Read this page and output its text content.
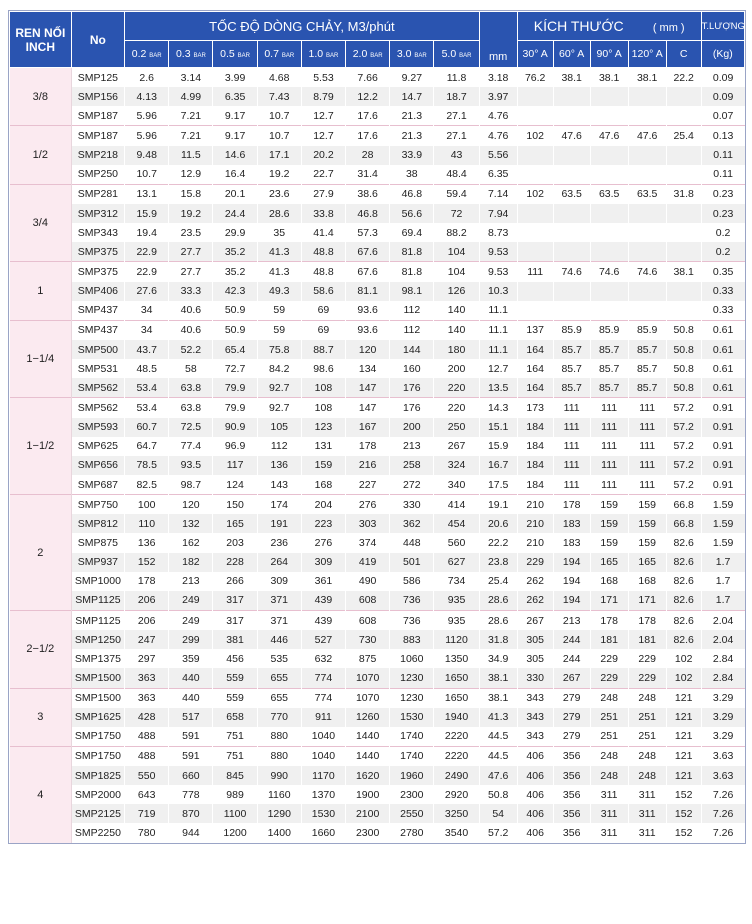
REN NỐI
INCH	No	TỐC ĐỘ DÒNG CHẢY, M3/phút								mm	KÍCH THƯỚC ( mm )					T.LƯỢNG
		0.2 BAR	0.3 BAR	0.5 BAR	0.7 BAR	1.0 BAR	2.0 BAR	3.0 BAR	5.0 BAR		30° A	60° A	90° A	120° A	C	(Kg)
3/8	SMP125	2.6	3.14	3.99	4.68	5.53	7.66	9.27	11.8	3.18	76.2	38.1	38.1	38.1	22.2	0.09
	SMP156	4.13	4.99	6.35	7.43	8.79	12.2	14.7	18.7	3.97						0.09
	SMP187	5.96	7.21	9.17	10.7	12.7	17.6	21.3	27.1	4.76						0.07
1/2	SMP187	5.96	7.21	9.17	10.7	12.7	17.6	21.3	27.1	4.76	102	47.6	47.6	47.6	25.4	0.13
	SMP218	9.48	11.5	14.6	17.1	20.2	28	33.9	43	5.56						0.11
	SMP250	10.7	12.9	16.4	19.2	22.7	31.4	38	48.4	6.35						0.11
3/4	SMP281	13.1	15.8	20.1	23.6	27.9	38.6	46.8	59.4	7.14	102	63.5	63.5	63.5	31.8	0.23
	SMP312	15.9	19.2	24.4	28.6	33.8	46.8	56.6	72	7.94						0.23
	SMP343	19.4	23.5	29.9	35	41.4	57.3	69.4	88.2	8.73						0.2
	SMP375	22.9	27.7	35.2	41.3	48.8	67.6	81.8	104	9.53						0.2
1	SMP375	22.9	27.7	35.2	41.3	48.8	67.6	81.8	104	9.53	111	74.6	74.6	74.6	38.1	0.35
	SMP406	27.6	33.3	42.3	49.3	58.6	81.1	98.1	126	10.3						0.33
	SMP437	34	40.6	50.9	59	69	93.6	112	140	11.1						0.33
1−1/4	SMP437	34	40.6	50.9	59	69	93.6	112	140	11.1	137	85.9	85.9	85.9	50.8	0.61
	SMP500	43.7	52.2	65.4	75.8	88.7	120	144	180	11.1	164	85.7	85.7	85.7	50.8	0.61
	SMP531	48.5	58	72.7	84.2	98.6	134	160	200	12.7	164	85.7	85.7	85.7	50.8	0.61
	SMP562	53.4	63.8	79.9	92.7	108	147	176	220	13.5	164	85.7	85.7	85.7	50.8	0.61
1−1/2	SMP562	53.4	63.8	79.9	92.7	108	147	176	220	14.3	173	111	111	111	57.2	0.91
	SMP593	60.7	72.5	90.9	105	123	167	200	250	15.1	184	111	111	111	57.2	0.91
	SMP625	64.7	77.4	96.9	112	131	178	213	267	15.9	184	111	111	111	57.2	0.91
	SMP656	78.5	93.5	117	136	159	216	258	324	16.7	184	111	111	111	57.2	0.91
	SMP687	82.5	98.7	124	143	168	227	272	340	17.5	184	111	111	111	57.2	0.91
2	SMP750	100	120	150	174	204	276	330	414	19.1	210	178	159	159	66.8	1.59
	SMP812	110	132	165	191	223	303	362	454	20.6	210	183	159	159	66.8	1.59
	SMP875	136	162	203	236	276	374	448	560	22.2	210	183	159	159	82.6	1.59
	SMP937	152	182	228	264	309	419	501	627	23.8	229	194	165	165	82.6	1.7
	SMP1000	178	213	266	309	361	490	586	734	25.4	262	194	168	168	82.6	1.7
	SMP1125	206	249	317	371	439	608	736	935	28.6	262	194	171	171	82.6	1.7
2−1/2	SMP1125	206	249	317	371	439	608	736	935	28.6	267	213	178	178	82.6	2.04
	SMP1250	247	299	381	446	527	730	883	1120	31.8	305	244	181	181	82.6	2.04
	SMP1375	297	359	456	535	632	875	1060	1350	34.9	305	244	229	229	102	2.84
	SMP1500	363	440	559	655	774	1070	1230	1650	38.1	330	267	229	229	102	2.84
3	SMP1500	363	440	559	655	774	1070	1230	1650	38.1	343	279	248	248	121	3.29
	SMP1625	428	517	658	770	911	1260	1530	1940	41.3	343	279	251	251	121	3.29
	SMP1750	488	591	751	880	1040	1440	1740	2220	44.5	343	279	251	251	121	3.29
4	SMP1750	488	591	751	880	1040	1440	1740	2220	44.5	406	356	248	248	121	3.63
	SMP1825	550	660	845	990	1170	1620	1960	2490	47.6	406	356	248	248	121	3.63
	SMP2000	643	778	989	1160	1370	1900	2300	2920	50.8	406	356	311	311	152	7.26
	SMP2125	719	870	1100	1290	1530	2100	2550	3250	54	406	356	311	311	152	7.26
	SMP2250	780	944	1200	1400	1660	2300	2780	3540	57.2	406	356	311	311	152	7.26
